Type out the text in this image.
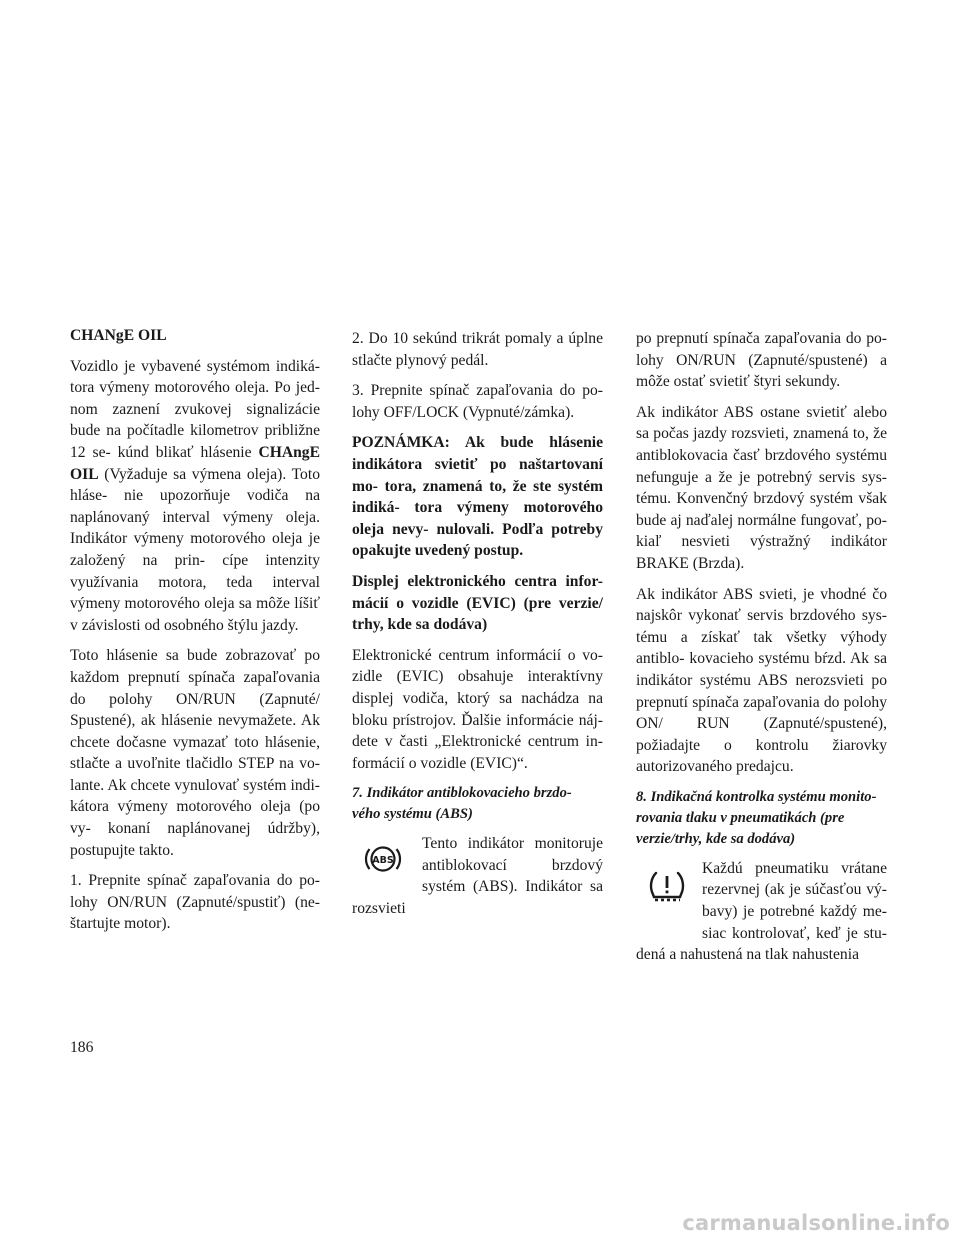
CHANgE OIL

Vozidlo je vybavené systémom indiká- tora výmeny motorového oleja. Po jed- nom zaznení zvukovej signalizácie bude na počítadle kilometrov približne 12 se- kúnd blikať hlásenie CHAngE OIL (Vyžaduje sa výmena oleja). Toto hláse- nie upozorňuje vodiča na naplánovaný interval výmeny oleja. Indikátor výmeny motorového oleja je založený na prin- cípe intenzity využívania motora, teda interval výmeny motorového oleja sa môže líšiť v závislosti od osobného štýlu jazdy.

Toto hlásenie sa bude zobrazovať po každom prepnutí spínača zapaľovania do polohy ON/RUN (Zapnuté/ Spustené), ak hlásenie nevymažete. Ak chcete dočasne vymazať toto hlásenie, stlačte a uvoľnite tlačidlo STEP na vo- lante. Ak chcete vynulovať systém indi- kátora výmeny motorového oleja (po vy- konaní naplánovanej údržby), postupujte takto.

1. Prepnite spínač zapaľovania do po- lohy ON/RUN (Zapnuté/spustiť) (ne- štartujte motor).

2. Do 10 sekúnd trikrát pomaly a úplne stlačte plynový pedál.

3. Prepnite spínač zapaľovania do po- lohy OFF/LOCK (Vypnuté/zámka).

POZNÁMKA: Ak bude hlásenie indikátora svietiť po naštartovaní mo- tora, znamená to, že ste systém indiká- tora výmeny motorového oleja nevy- nulovali. Podľa potreby opakujte uvedený postup.

Displej elektronického centra infor- mácií o vozidle (EVIC) (pre verzie/ trhy, kde sa dodáva)

Elektronické centrum informácií o vo- zidle (EVIC) obsahuje interaktívny displej vodiča, ktorý sa nachádza na bloku prístrojov. Ďalšie informácie náj- dete v časti „Elektronické centrum in- formácií o vozidle (EVIC)“.

7. Indikátor antiblokovacieho brzdo- vého systému (ABS)

ABS
Tento indikátor monitoruje antiblokovací brzdový systém (ABS). Indikátor sa rozsvieti

po prepnutí spínača zapaľovania do po- lohy ON/RUN (Zapnuté/spustené) a môže ostať svietiť štyri sekundy.

Ak indikátor ABS ostane svietiť alebo sa počas jazdy rozsvieti, znamená to, že antiblokovacia časť brzdového systému nefunguje a že je potrebný servis sys- tému. Konvenčný brzdový systém však bude aj naďalej normálne fungovať, po- kiaľ nesvieti výstražný indikátor BRAKE (Brzda).

Ak indikátor ABS svieti, je vhodné čo najskôr vykonať servis brzdového sys- tému a získať tak všetky výhody antiblo- kovacieho systému bŕzd. Ak sa indikátor systému ABS nerozsvieti po prepnutí spínača zapaľovania do polohy ON/ RUN (Zapnuté/spustené), požiadajte o kontrolu žiarovky autorizovaného predajcu.

8. Indikačná kontrolka systému monito- rovania tlaku v pneumatikách (pre verzie/trhy, kde sa dodáva)

Každú pneumatiku vrátane rezervnej (ak je súčasťou vý- bavy) je potrebné každý me- siac kontrolovať, keď je stu- dená a nahustená na tlak nahustenia
186
carmanualsonline.info
